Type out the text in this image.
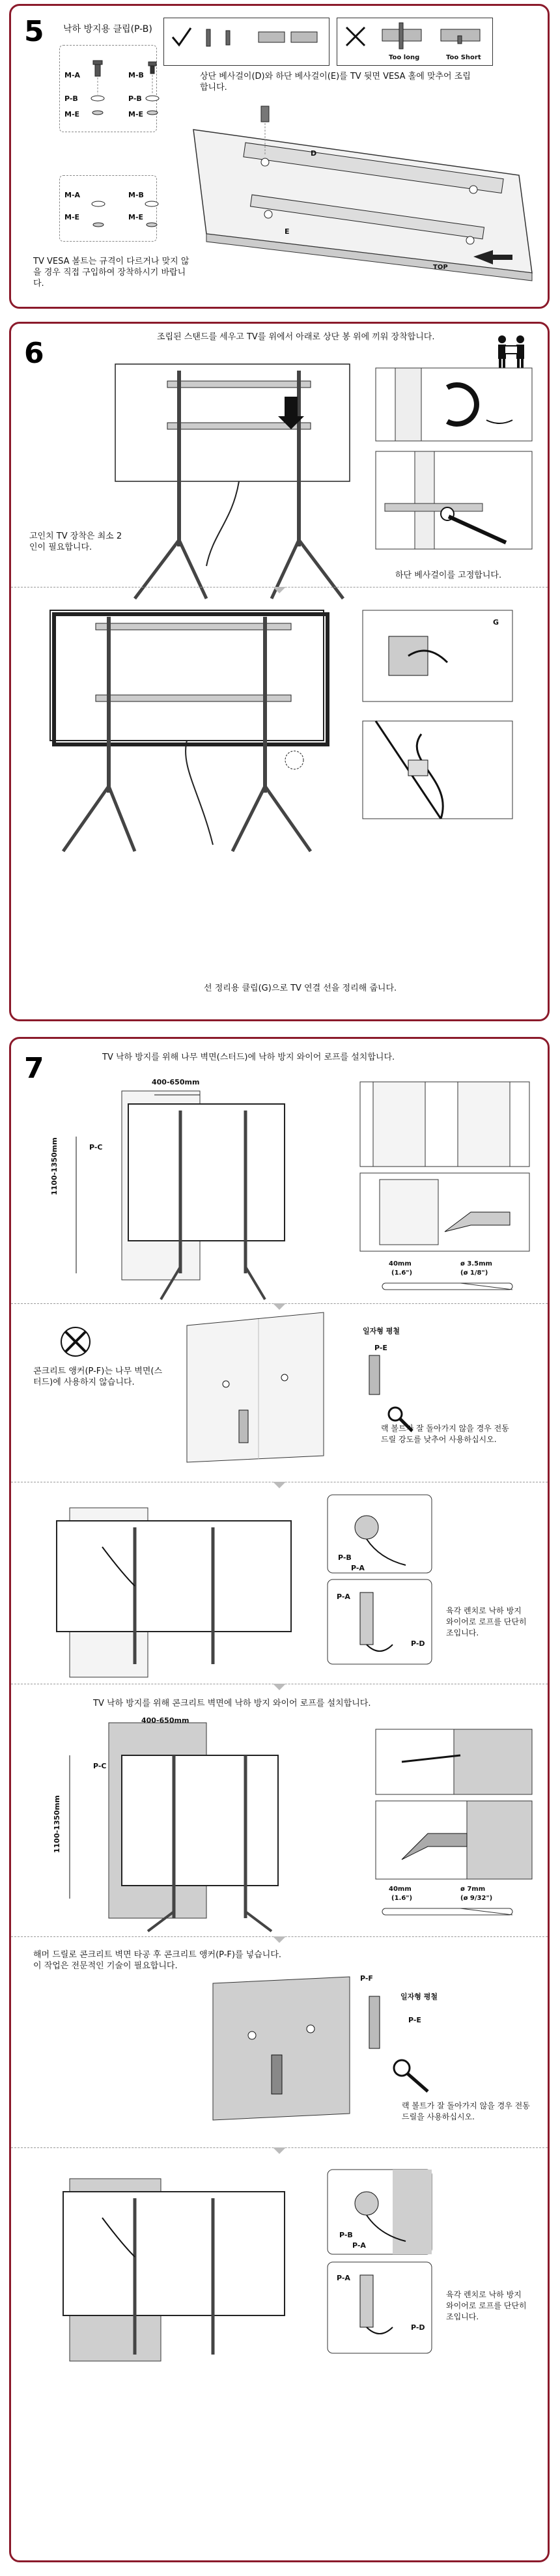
5 낙하 방지용 클립(P-B)
M-A	M-B
P-B	P-B
M-E	M-E
Too long	Too Short
상단 베사걸이(D)와 하단 베사걸이(E)를 TV 뒷면 VESA 홀에 맞추어 조립합니다.
M-A	M-B
M-E	M-E
TV VESA 볼트는 규격이 다르거나 맞지 않을 경우 직접 구입하여 장착하시기 바랍니다.
D
E
TOP
6	조립된 스탠드를 세우고 TV를 위에서 아래로 상단 봉 위에 끼워 장착합니다.
고인치 TV 장착은 최소 2인이 필요합니다.
하단 베사걸이를 고정합니다.
G
선 정리용 클립(G)으로 TV 연결 선을 정리해 줍니다.
7	TV 낙하 방지를 위해 나무 벽면(스터드)에 낙하 방지 와이어 로프를 설치합니다.
400-650mm
1100-1350mm	P-C
40mm
(1.6")
ø 3.5mm
(ø 1/8")
콘크리트 앵커(P-F)는 나무 벽면(스터드)에 사용하지 않습니다.
일자형 평철
P-E
랙 볼트가 잘 돌아가지 않을 경우 전동 드릴 강도를 낮추어 사용하십시오.
P-B
P-A
P-A
P-D
육각 렌치로 낙하 방지 와이어로 로프를 단단히 조입니다.
TV 낙하 방지를 위해 콘크리트 벽면에 낙하 방지 와이어 로프를 설치합니다.
400-650mm
1100-1350mm
P-C
40mm
(1.6")
ø 7mm
(ø 9/32")
해머 드릴로 콘크리트 벽면 타공 후 콘크리트 앵커(P-F)를 넣습니다.
이 작업은 전문적인 기술이 필요합니다.
P-F
일자형 평철
P-E
랙 볼트가 잘 돌아가지 않을 경우 전동 드릴을 사용하십시오.
P-B
P-A
P-A
P-D
육각 렌치로 낙하 방지 와이어로 로프를 단단히 조입니다.
